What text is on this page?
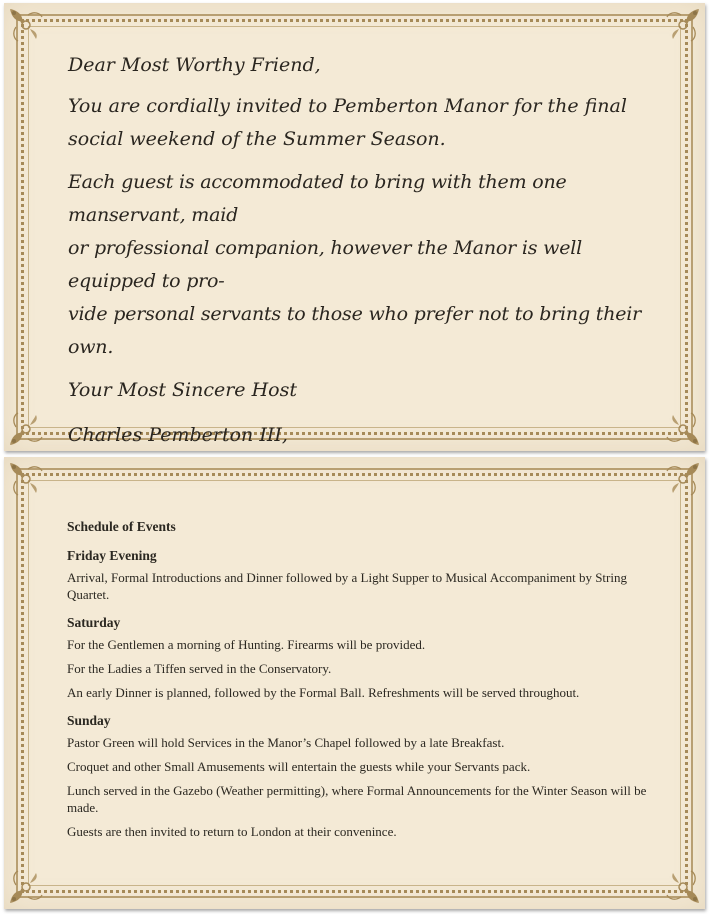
Dear Most Worthy Friend,

You are cordially invited to Pemberton Manor for the final social weekend of the Summer Season.

Each guest is accommodated to bring with them one manservant, maid
or professional companion, however the Manor is well equipped to pro-
vide personal servants to those who prefer not to bring their own.

Your Most Sincere Host

Charles Pemberton III,

Schedule of Events
Friday Evening

Arrival, Formal Introductions and Dinner followed by a Light Supper to Musical Accompaniment by String Quartet.

Saturday

For the Gentlemen a morning of Hunting. Firearms will be provided.

For the Ladies a Tiffen served in the Conservatory.

An early Dinner is planned, followed by the Formal Ball. Refreshments will be served throughout.

Sunday

Pastor Green will hold Services in the Manor’s Chapel followed by a late Breakfast.

Croquet and other Small Amusements will entertain the guests while your Servants pack.

Lunch served in the Gazebo (Weather permitting), where Formal Announcements for the Winter Season will be made.

Guests are then invited to return to London at their convenince.
